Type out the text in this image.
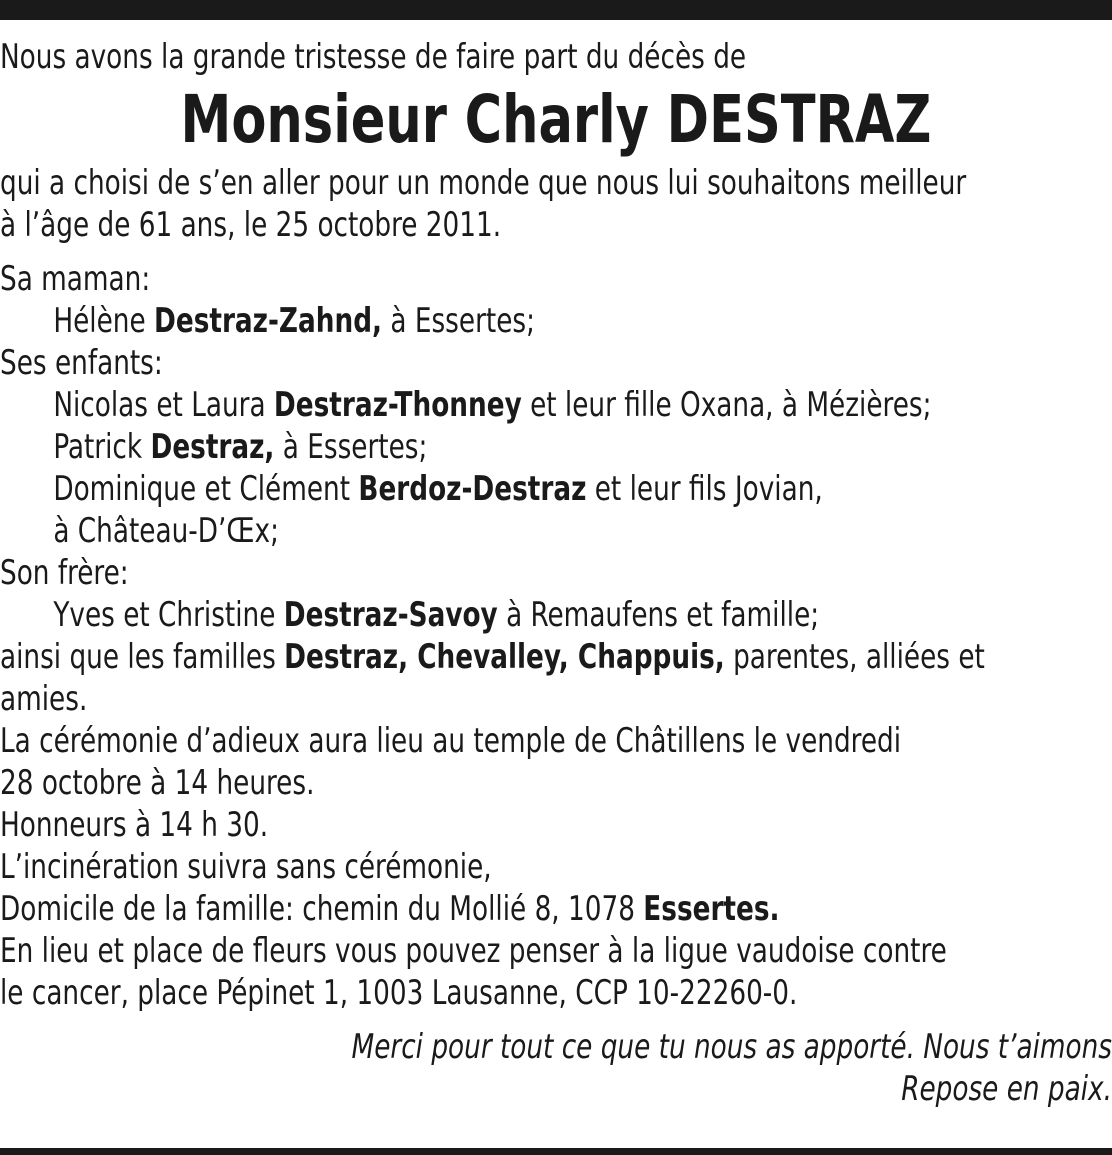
Nous avons la grande tristesse de faire part du décès de

Monsieur Charly DESTRAZ

qui a choisi de s’en aller pour un monde que nous lui souhaitons meilleur

à l’âge de 61 ans, le 25 octobre 2011.

Sa maman:

Hélène Destraz-Zahnd, à Essertes;

Ses enfants:

Nicolas et Laura Destraz-Thonney et leur fille Oxana, à Mézières;

Patrick Destraz, à Essertes;

Dominique et Clément Berdoz-Destraz et leur fils Jovian,

à Château-D’Œx;

Son frère:

Yves et Christine Destraz-Savoy à Remaufens et famille;

ainsi que les familles Destraz, Chevalley, Chappuis, parentes, alliées et

amies.

La cérémonie d’adieux aura lieu au temple de Châtillens le vendredi

28 octobre à 14 heures.

Honneurs à 14 h 30.

L’incinération suivra sans cérémonie,

Domicile de la famille: chemin du Mollié 8, 1078 Essertes.

En lieu et place de fleurs vous pouvez penser à la ligue vaudoise contre

le cancer, place Pépinet 1, 1003 Lausanne, CCP 10-22260-0.

Merci pour tout ce que tu nous as apporté. Nous t’aimons

Repose en paix.
